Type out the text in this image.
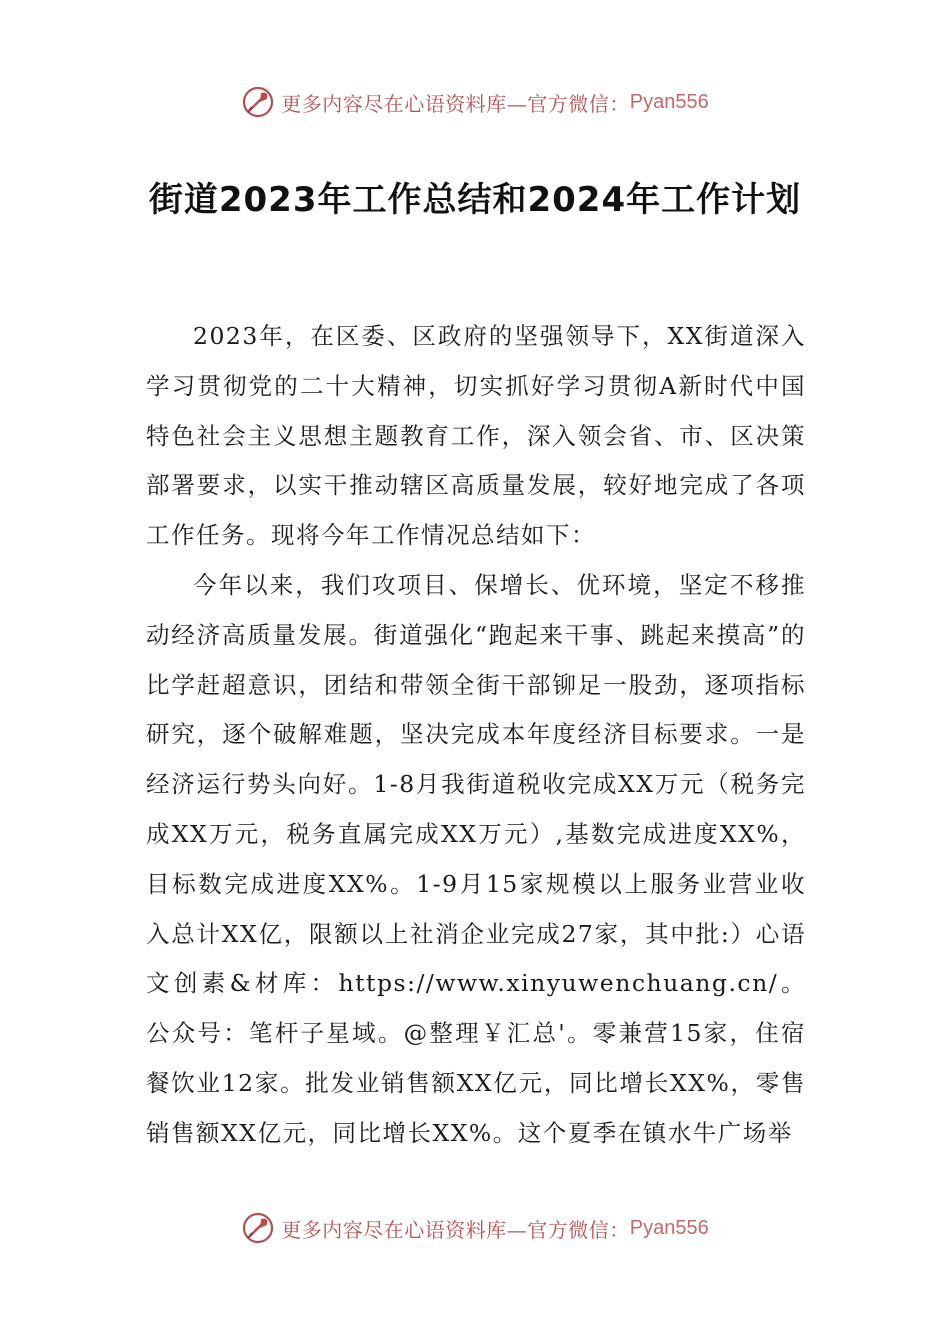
更多内容尽在心语资料库—官方微信： Pyan556
街道2023年工作总结和2024年工作计划

2023年，在区委、区政府的坚强领导下，XX街道深入学习贯彻党的二十大精神，切实抓好学习贯彻A新时代中国特色社会主义思想主题教育工作，深入领会省、市、区决策部署要求，以实干推动辖区高质量发展，较好地完成了各项工作任务。现将今年工作情况总结如下：

今年以来，我们攻项目、保增长、优环境，坚定不移推动经济高质量发展。街道强化“跑起来干事、跳起来摸高”的比学赶超意识，团结和带领全街干部铆足一股劲，逐项指标研究，逐个破解难题，坚决完成本年度经济目标要求。一是经济运行势头向好。1-8月我街道税收完成XX万元（税务完成XX万元，税务直属完成XX万元）,基数完成进度XX%，目标数完成进度XX%。1-9月15家规模以上服务业营业收入总计XX亿，限额以上社消企业完成27家，其中批:）心语文创素&材库：https://www.xinyuwenchuang.cn/。公众号：笔杆子星域。@整理￥汇总'。零兼营15家，住宿餐饮业12家。批发业销售额XX亿元，同比增长XX%，零售销售额XX亿元，同比增长XX%。这个夏季在镇水牛广场举

更多内容尽在心语资料库—官方微信： Pyan556
